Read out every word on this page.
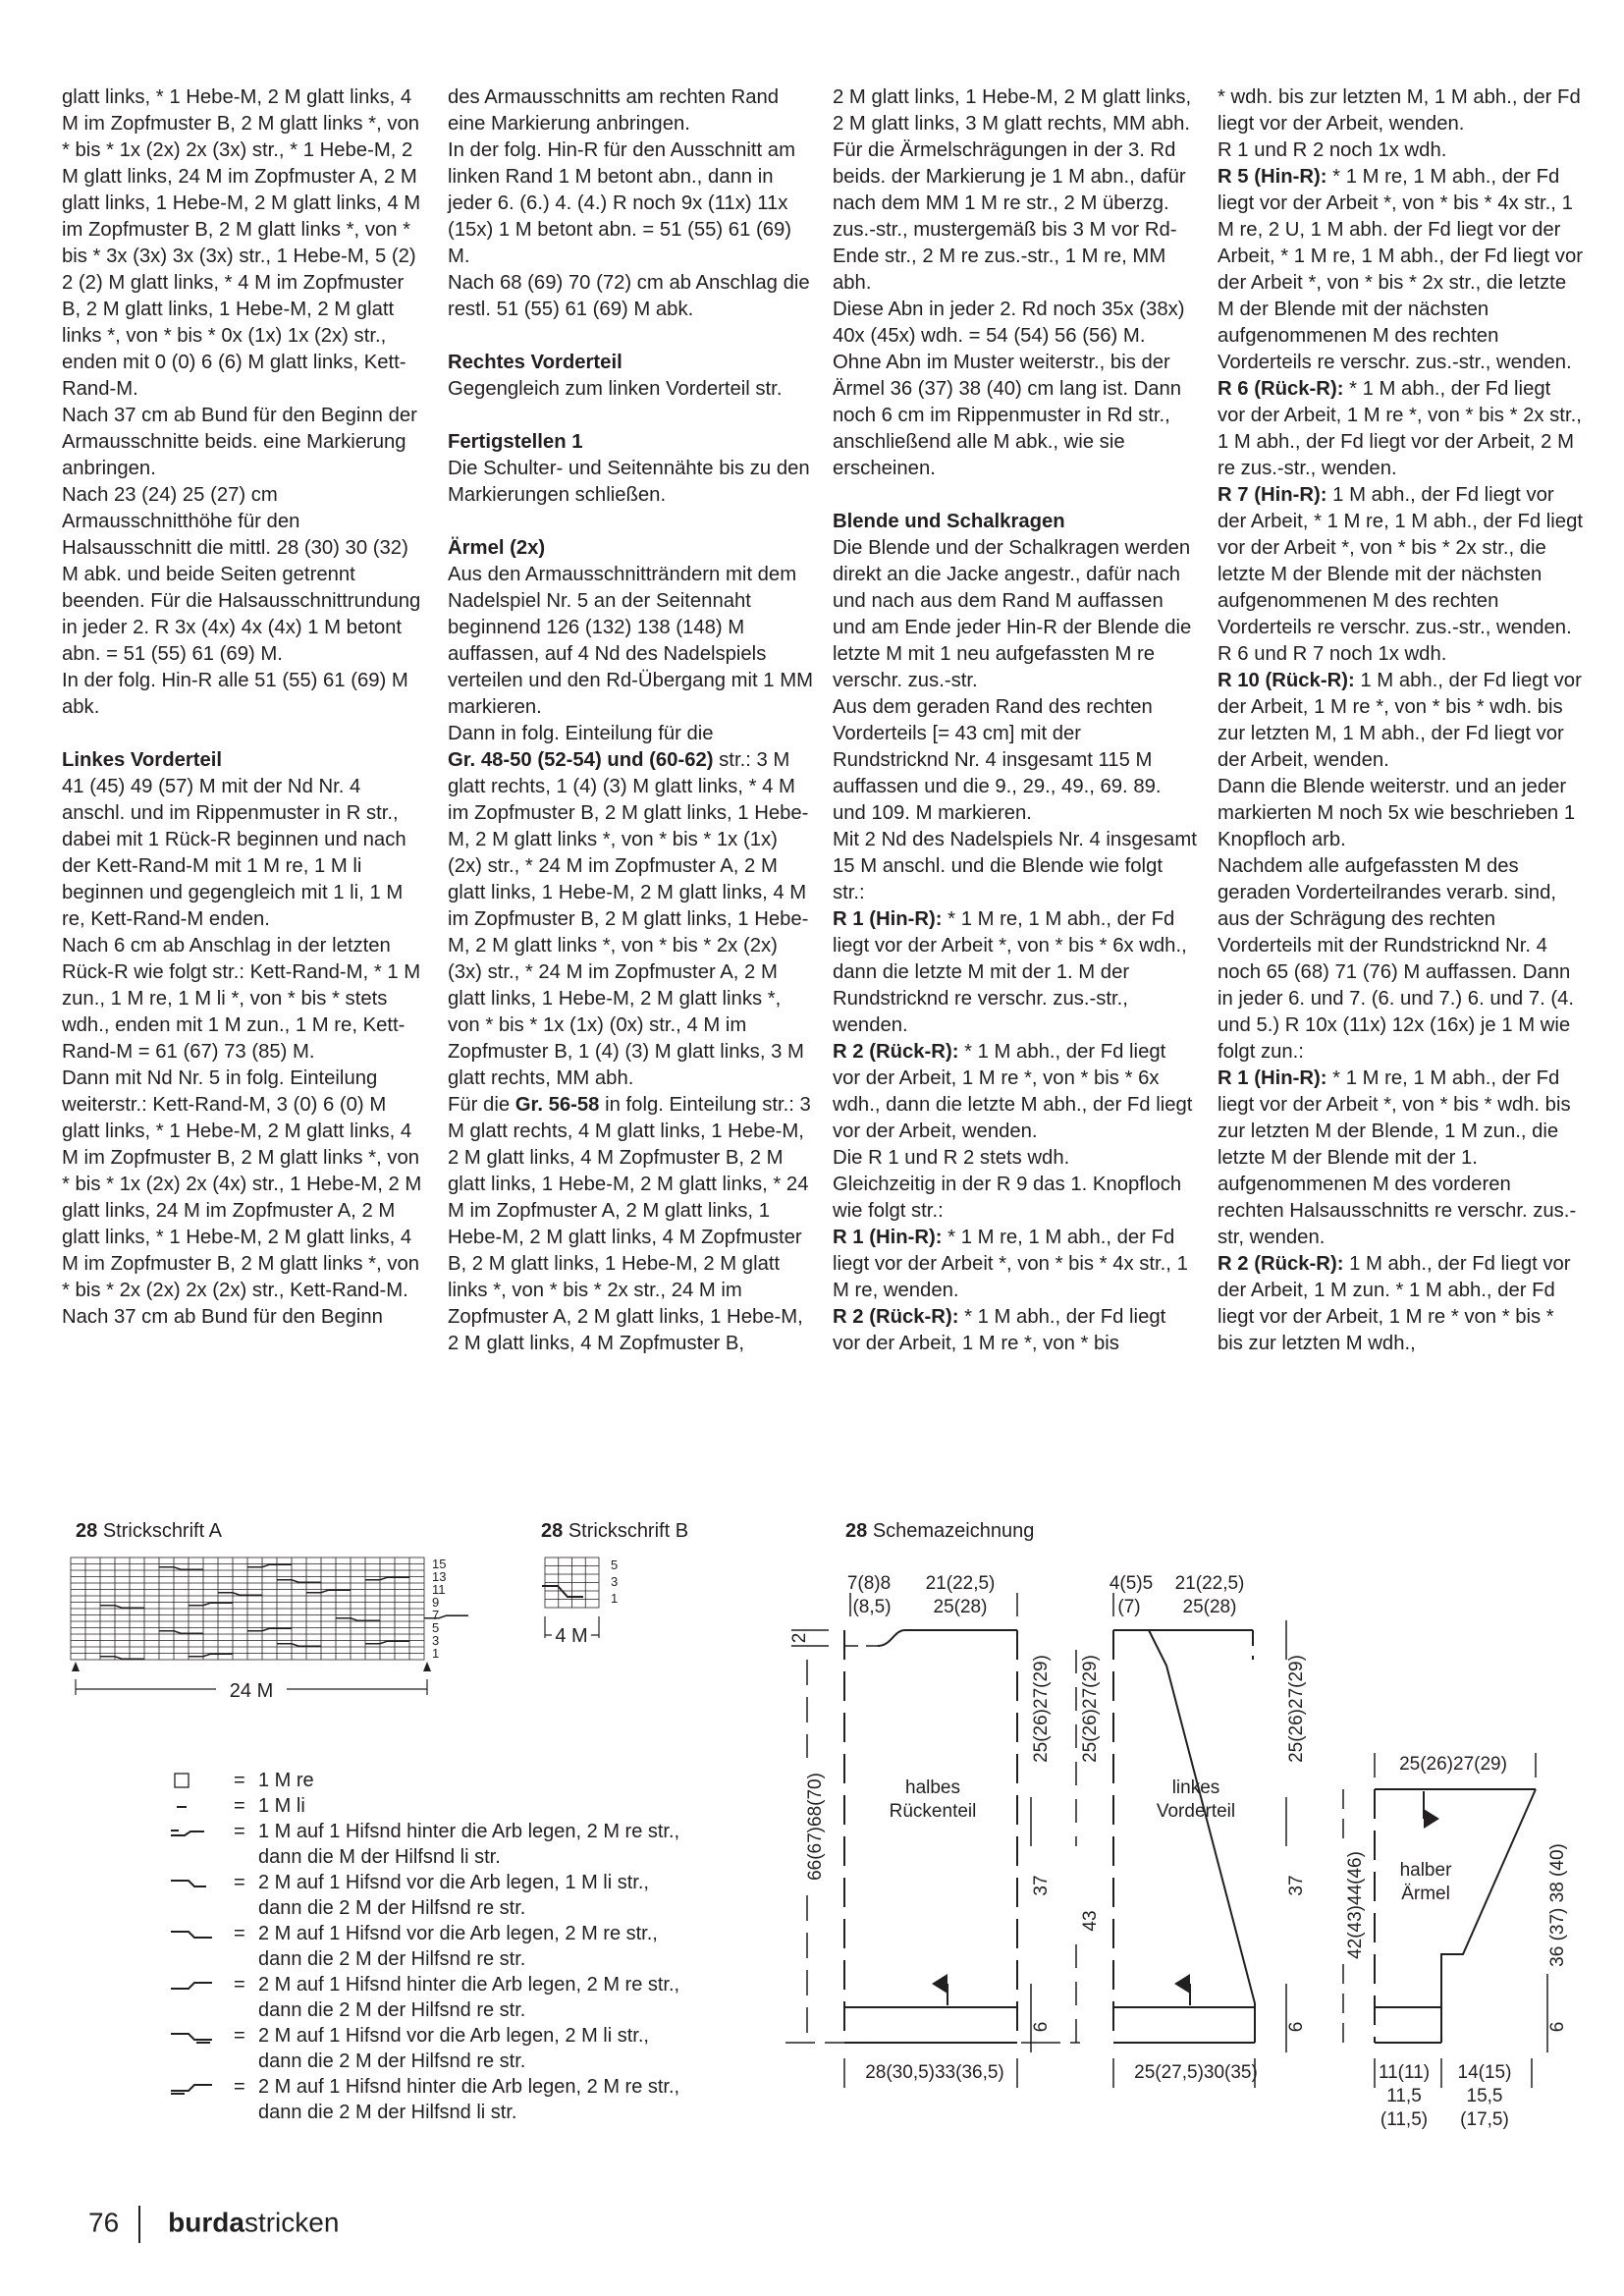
glatt links, * 1 Hebe-M, 2 M glatt links, 4 M im Zopfmuster B, 2 M glatt links *, von * bis * 1x (2x) 2x (3x) str., * 1 Hebe-M, 2 M glatt links, 24 M im Zopfmuster A, 2 M glatt links, 1 Hebe-M, 2 M glatt links, 4 M im Zopfmuster B, 2 M glatt links *, von * bis * 3x (3x) 3x (3x) str., 1 Hebe-M, 5 (2) 2 (2) M glatt links, * 4 M im Zopfmuster B, 2 M glatt links, 1 Hebe-M, 2 M glatt links *, von * bis * 0x (1x) 1x (2x) str., enden mit 0 (0) 6 (6) M glatt links, Kett-Rand-M.

Nach 37 cm ab Bund für den Beginn der Armausschnitte beids. eine Markierung anbringen.

Nach 23 (24) 25 (27) cm Armausschnitthöhe für den Halsausschnitt die mittl. 28 (30) 30 (32) M abk. und beide Seiten getrennt beenden. Für die Halsausschnittrundung in jeder 2. R 3x (4x) 4x (4x) 1 M betont abn. = 51 (55) 61 (69) M.

In der folg. Hin-R alle 51 (55) 61 (69) M abk.

Linkes Vorderteil

41 (45) 49 (57) M mit der Nd Nr. 4 anschl. und im Rippenmuster in R str., dabei mit 1 Rück-R beginnen und nach der Kett-Rand-M mit 1 M re, 1 M li beginnen und gegengleich mit 1 li, 1 M re, Kett-Rand-M enden.

Nach 6 cm ab Anschlag in der letzten Rück-R wie folgt str.: Kett-Rand-M, * 1 M zun., 1 M re, 1 M li *, von * bis * stets wdh., enden mit 1 M zun., 1 M re, Kett-Rand-M = 61 (67) 73 (85) M.

Dann mit Nd Nr. 5 in folg. Einteilung weiterstr.: Kett-Rand-M, 3 (0) 6 (0) M glatt links, * 1 Hebe-M, 2 M glatt links, 4 M im Zopfmuster B, 2 M glatt links *, von * bis * 1x (2x) 2x (4x) str., 1 Hebe-M, 2 M glatt links, 24 M im Zopfmuster A, 2 M glatt links, * 1 Hebe-M, 2 M glatt links, 4 M im Zopfmuster B, 2 M glatt links *, von * bis * 2x (2x) 2x (2x) str., Kett-Rand-M.

Nach 37 cm ab Bund für den Beginn

des Armausschnitts am rechten Rand eine Markierung anbringen.

In der folg. Hin-R für den Ausschnitt am linken Rand 1 M betont abn., dann in jeder 6. (6.) 4. (4.) R noch 9x (11x) 11x (15x) 1 M betont abn. = 51 (55) 61 (69) M.

Nach 68 (69) 70 (72) cm ab Anschlag die restl. 51 (55) 61 (69) M abk.

Rechtes Vorderteil

Gegengleich zum linken Vorderteil str.

Fertigstellen 1

Die Schulter- und Seitennähte bis zu den Markierungen schließen.

Ärmel (2x)

Aus den Armausschnitträndern mit dem Nadelspiel Nr. 5 an der Seitennaht beginnend 126 (132) 138 (148) M auffassen, auf 4 Nd des Nadelspiels verteilen und den Rd-Übergang mit 1 MM markieren.

Dann in folg. Einteilung für die
Gr. 48-50 (52-54) und (60-62) str.: 3 M glatt rechts, 1 (4) (3) M glatt links, * 4 M im Zopfmuster B, 2 M glatt links, 1 Hebe-M, 2 M glatt links *, von * bis * 1x (1x) (2x) str., * 24 M im Zopfmuster A, 2 M glatt links, 1 Hebe-M, 2 M glatt links, 4 M im Zopfmuster B, 2 M glatt links, 1 Hebe-M, 2 M glatt links *, von * bis * 2x (2x) (3x) str., * 24 M im Zopfmuster A, 2 M glatt links, 1 Hebe-M, 2 M glatt links *, von * bis * 1x (1x) (0x) str., 4 M im Zopfmuster B, 1 (4) (3) M glatt links, 3 M glatt rechts, MM abh.

Für die Gr. 56-58 in folg. Einteilung str.: 3 M glatt rechts, 4 M glatt links, 1 Hebe-M, 2 M glatt links, 4 M Zopfmuster B, 2 M glatt links, 1 Hebe-M, 2 M glatt links, * 24 M im Zopfmuster A, 2 M glatt links, 1 Hebe-M, 2 M glatt links, 4 M Zopfmuster B, 2 M glatt links, 1 Hebe-M, 2 M glatt links *, von * bis * 2x str., 24 M im Zopfmuster A, 2 M glatt links, 1 Hebe-M, 2 M glatt links, 4 M Zopfmuster B,

2 M glatt links, 1 Hebe-M, 2 M glatt links, 2 M glatt links, 3 M glatt rechts, MM abh.

Für die Ärmelschrägungen in der 3. Rd beids. der Markierung je 1 M abn., dafür nach dem MM 1 M re str., 2 M überzg. zus.-str., mustergemäß bis 3 M vor Rd-Ende str., 2 M re zus.-str., 1 M re, MM abh.

Diese Abn in jeder 2. Rd noch 35x (38x) 40x (45x) wdh. = 54 (54) 56 (56) M.

Ohne Abn im Muster weiterstr., bis der Ärmel 36 (37) 38 (40) cm lang ist. Dann noch 6 cm im Rippenmuster in Rd str., anschließend alle M abk., wie sie erscheinen.

Blende und Schalkragen

Die Blende und der Schalkragen werden direkt an die Jacke angestr., dafür nach und nach aus dem Rand M auffassen und am Ende jeder Hin-R der Blende die letzte M mit 1 neu aufgefassten M re verschr. zus.-str.

Aus dem geraden Rand des rechten Vorderteils [= 43 cm] mit der Rundstricknd Nr. 4 insgesamt 115 M auffassen und die 9., 29., 49., 69. 89. und 109. M markieren.

Mit 2 Nd des Nadelspiels Nr. 4 insgesamt 15 M anschl. und die Blende wie folgt str.:

R 1 (Hin-R): * 1 M re, 1 M abh., der Fd liegt vor der Arbeit *, von * bis * 6x wdh., dann die letzte M mit der 1. M der Rundstricknd re verschr. zus.-str., wenden.

R 2 (Rück-R): * 1 M abh., der Fd liegt vor der Arbeit, 1 M re *, von * bis * 6x wdh., dann die letzte M abh., der Fd liegt vor der Arbeit, wenden.

Die R 1 und R 2 stets wdh.

Gleichzeitig in der R 9 das 1. Knopfloch wie folgt str.:

R 1 (Hin-R): * 1 M re, 1 M abh., der Fd liegt vor der Arbeit *, von * bis * 4x str., 1 M re, wenden.

R 2 (Rück-R): * 1 M abh., der Fd liegt vor der Arbeit, 1 M re *, von * bis

* wdh. bis zur letzten M, 1 M abh., der Fd liegt vor der Arbeit, wenden.

R 1 und R 2 noch 1x wdh.

R 5 (Hin-R): * 1 M re, 1 M abh., der Fd liegt vor der Arbeit *, von * bis * 4x str., 1 M re, 2 U, 1 M abh. der Fd liegt vor der Arbeit, * 1 M re, 1 M abh., der Fd liegt vor der Arbeit *, von * bis * 2x str., die letzte M der Blende mit der nächsten aufgenommenen M des rechten Vorderteils re verschr. zus.-str., wenden.

R 6 (Rück-R): * 1 M abh., der Fd liegt vor der Arbeit, 1 M re *, von * bis * 2x str., 1 M abh., der Fd liegt vor der Arbeit, 2 M re zus.-str., wenden.

R 7 (Hin-R): 1 M abh., der Fd liegt vor der Arbeit, * 1 M re, 1 M abh., der Fd liegt vor der Arbeit *, von * bis * 2x str., die letzte M der Blende mit der nächsten aufgenommenen M des rechten Vorderteils re verschr. zus.-str., wenden.

R 6 und R 7 noch 1x wdh.

R 10 (Rück-R): 1 M abh., der Fd liegt vor der Arbeit, 1 M re *, von * bis * wdh. bis zur letzten M, 1 M abh., der Fd liegt vor der Arbeit, wenden.

Dann die Blende weiterstr. und an jeder markierten M noch 5x wie beschrieben 1 Knopfloch arb.

Nachdem alle aufgefassten M des geraden Vorderteilrandes verarb. sind, aus der Schrägung des rechten Vorderteils mit der Rundstricknd Nr. 4 noch 65 (68) 71 (76) M auffassen. Dann in jeder 6. und 7. (6. und 7.) 6. und 7. (4. und 5.) R 10x (11x) 12x (16x) je 1 M wie folgt zun.:

R 1 (Hin-R): * 1 M re, 1 M abh., der Fd liegt vor der Arbeit *, von * bis * wdh. bis zur letzten M der Blende, 1 M zun., die letzte M der Blende mit der 1. aufgenommenen M des vorderen rechten Halsausschnitts re verschr. zus.-str, wenden.

R 2 (Rück-R): 1 M abh., der Fd liegt vor der Arbeit, 1 M zun. * 1 M abh., der Fd liegt vor der Arbeit, 1 M re * von * bis * bis zur letzten M wdh.,

28 Strickschrift A	28 Strickschrift B	28 Schemazeichnung
15
13
11
9
7
5
3
1
24 M
5
3
1
4 M
= 1 M re
= 1 M li
= 1 M auf 1 Hifsnd hinter die Arb legen, 2 M re str., dann die M der Hilfsnd li str.
= 2 M auf 1 Hifsnd vor die Arb legen, 1 M li str., dann die 2 M der Hilfsnd re str.
= 2 M auf 1 Hifsnd vor die Arb legen, 2 M re str., dann die 2 M der Hilfsnd re str.
= 2 M auf 1 Hifsnd hinter die Arb legen, 2 M re str., dann die 2 M der Hilfsnd re str.
= 2 M auf 1 Hifsnd vor die Arb legen, 2 M li str., dann die 2 M der Hilfsnd re str.
= 2 M auf 1 Hifsnd hinter die Arb legen, 2 M re str., dann die 2 M der Hilfsnd li str.
halbes
Rückenteil
7(8)8
(8,5)
21(22,5)
25(28)
2
66(67)68(70)
28(30,5)33(36,5)
25(26)27(29)
37
6
linkes
Vorderteil
4(5)5
(7)
21(22,5)
25(28)
25(26)27(29)
43
25(26)27(29)
37
6
25(27,5)30(35)
halber
Ärmel
25(26)27(29)
42(43)44(46)	36 (37) 38 (40)
6
11(11)
11,5
(11,5)
14(15)
15,5
(17,5)
76 burdastricken
